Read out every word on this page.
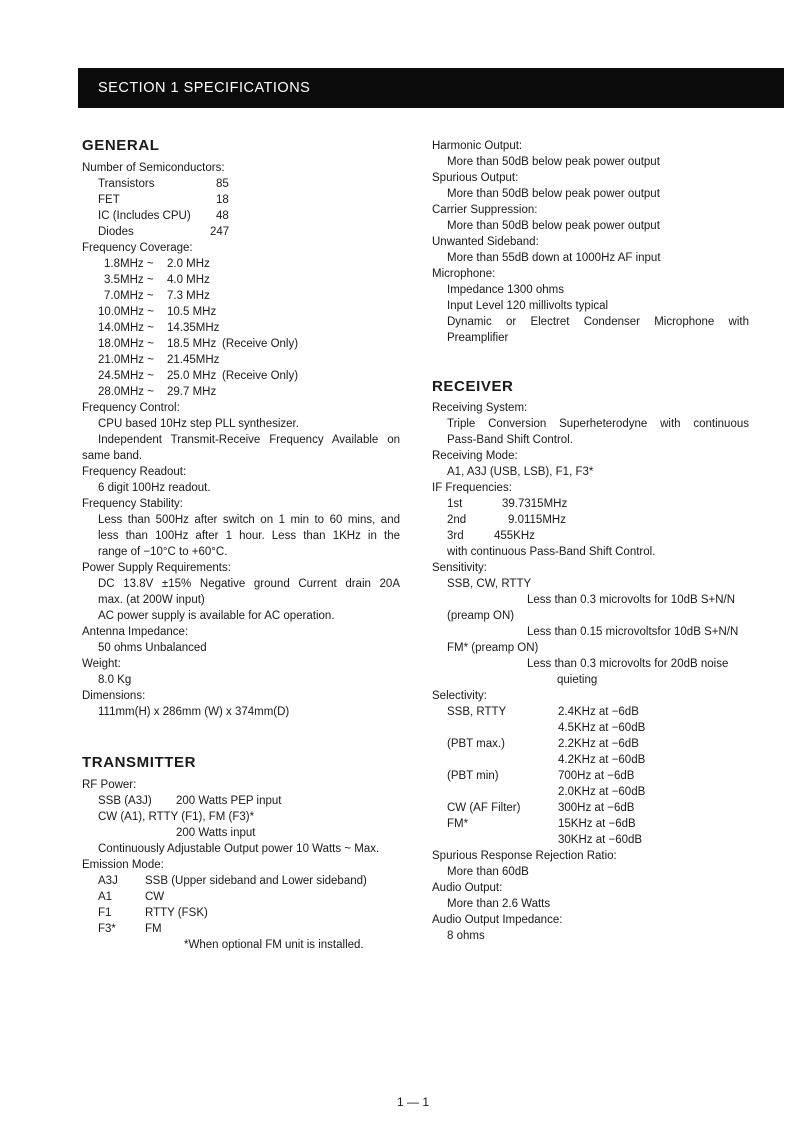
SECTION 1 SPECIFICATIONS
GENERAL
Number of Semiconductors:
Transistors	85
FET	18
IC (Includes CPU) 48
Diodes	247
Frequency Coverage:
1.8MHz ~ 2.0 MHz
3.5MHz ~ 4.0 MHz
7.0MHz ~ 7.3 MHz
10.0MHz ~ 10.5 MHz
14.0MHz ~ 14.35MHz
18.0MHz ~ 18.5 MHz (Receive Only)
21.0MHz ~ 21.45MHz
24.5MHz ~ 25.0 MHz (Receive Only)
28.0MHz ~ 29.7 MHz
Frequency Control:
CPU based 10Hz step PLL synthesizer.
Independent Transmit-Receive Frequency Available on
same band.
Frequency Readout:
6 digit 100Hz readout.
Frequency Stability:
Less than 500Hz after switch on 1 min to 60 mins, and
less than 100Hz after 1 hour. Less than 1KHz in the
range of −10°C to +60°C.
Power Supply Requirements:
DC 13.8V ±15% Negative ground Current drain 20A
max. (at 200W input)
AC power supply is available for AC operation.
Antenna Impedance:
50 ohms Unbalanced
Weight:
8.0 Kg
Dimensions:
111mm(H) x 286mm (W) x 374mm(D)
TRANSMITTER
RF Power:
SSB (A3J) 200 Watts PEP input
CW (A1), RTTY (F1), FM (F3)*
200 Watts input
Continuously Adjustable Output power 10 Watts ~ Max.
Emission Mode:
A3J SSB (Upper sideband and Lower sideband)
A1	CW
F1	RTTY (FSK)
F3*	FM
*When optional FM unit is installed.
Harmonic Output:
More than 50dB below peak power output
Spurious Output:
More than 50dB below peak power output
Carrier Suppression:
More than 50dB below peak power output
Unwanted Sideband:
More than 55dB down at 1000Hz AF input
Microphone:
Impedance 1300 ohms
Input Level 120 millivolts typical
Dynamic or Electret Condenser Microphone with
Preamplifier
RECEIVER
Receiving System:
Triple Conversion Superheterodyne with continuous
Pass-Band Shift Control.
Receiving Mode:
A1, A3J (USB, LSB), F1, F3*
IF Frequencies:
1st	39.7315MHz
2nd	9.0115MHz
3rd	455KHz
with continuous Pass-Band Shift Control.
Sensitivity:
SSB, CW, RTTY
Less than 0.3 microvolts for 10dB S+N/N
(preamp ON)
Less than 0.15 microvoltsfor 10dB S+N/N
FM* (preamp ON)
Less than 0.3 microvolts for 20dB noise
quieting
Selectivity:
SSB, RTTY	2.4KHz at −6dB
4.5KHz at −60dB
(PBT max.)	2.2KHz at −6dB
4.2KHz at −60dB
(PBT min)	700Hz at −6dB
2.0KHz at −60dB
CW (AF Filter)	300Hz at −6dB
FM*	15KHz at −6dB
30KHz at −60dB
Spurious Response Rejection Ratio:
More than 60dB
Audio Output:
More than 2.6 Watts
Audio Output Impedance:
8 ohms
1 — 1
